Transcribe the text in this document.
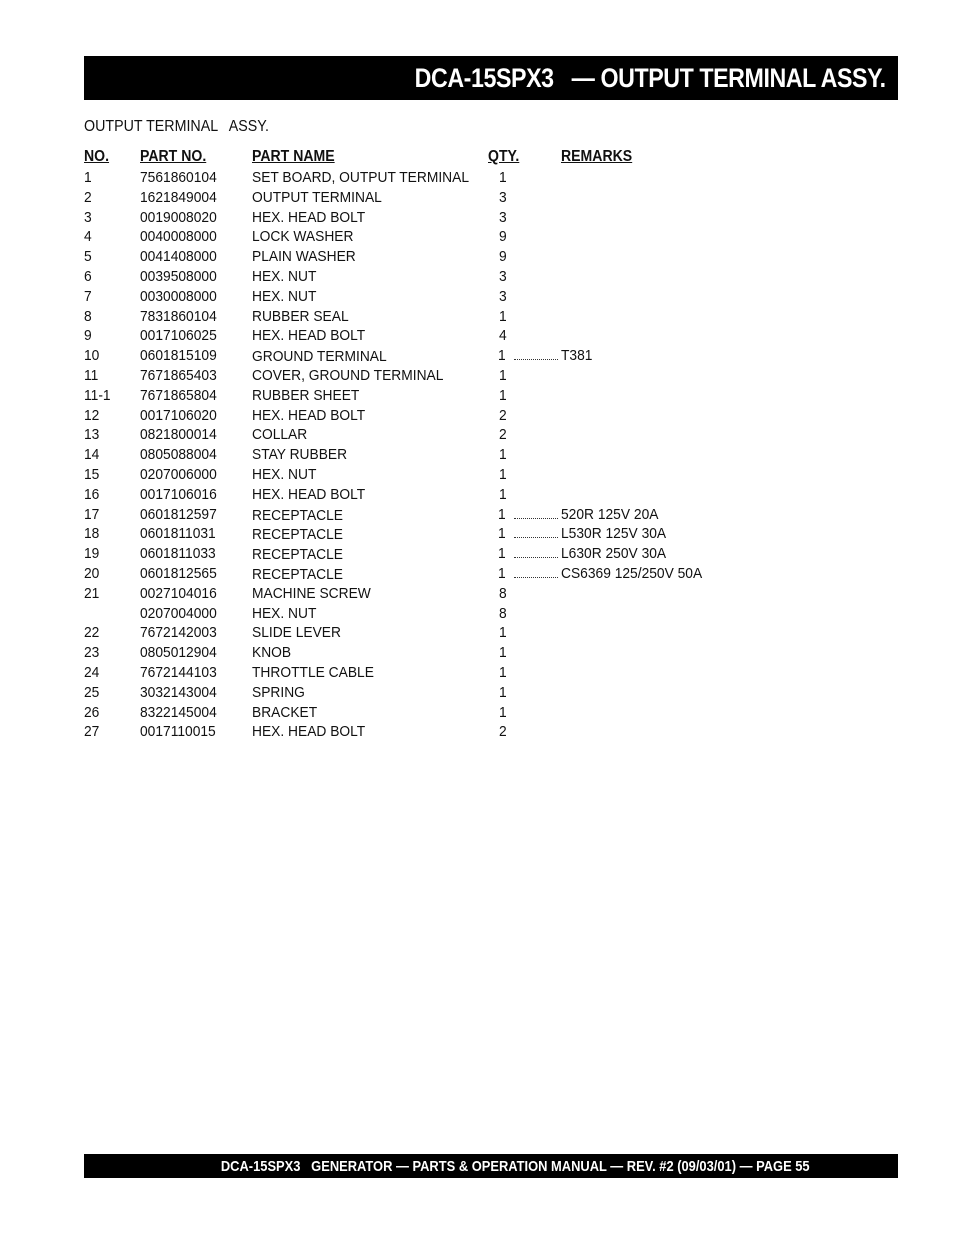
DCA-15SPX3   — OUTPUT TERMINAL ASSY.
OUTPUT TERMINAL   ASSY.
NO. PART NO.	PART NAME	QTY.	REMARKS
1	7561860104 SET BOARD, OUTPUT TERMINAL 1
2	1621849004 OUTPUT TERMINAL	3
3	0019008020 HEX. HEAD BOLT	3
4	0040008000 LOCK WASHER	9
5	0041408000 PLAIN WASHER	9
6	0039508000 HEX. NUT	3
7	0030008000 HEX. NUT	3
8	7831860104 RUBBER SEAL	1
9	0017106025 HEX. HEAD BOLT	4
10	0601815109 GROUND TERMINAL	1	T381
11	7671865403 COVER, GROUND TERMINAL	1
11-1 7671865804 RUBBER SHEET	1
12	0017106020 HEX. HEAD BOLT	2
13	0821800014 COLLAR	2
14	0805088004 STAY RUBBER	1
15	0207006000 HEX. NUT	1
16	0017106016 HEX. HEAD BOLT	1
17	0601812597 RECEPTACLE	1	520R 125V 20A
18	0601811031 RECEPTACLE	1	L530R 125V 30A
19	0601811033 RECEPTACLE	1	L630R 250V 30A
20	0601812565 RECEPTACLE	1	CS6369 125/250V 50A
21	0027104016 MACHINE SCREW	8
0207004000 HEX. NUT	8
22	7672142003 SLIDE LEVER	1
23	0805012904 KNOB	1
24	7672144103 THROTTLE CABLE	1
25	3032143004 SPRING	1
26	8322145004 BRACKET	1
27	0017110015 HEX. HEAD BOLT	2
DCA-15SPX3   GENERATOR — PARTS & OPERATION MANUAL — REV. #2 (09/03/01) — PAGE 55
